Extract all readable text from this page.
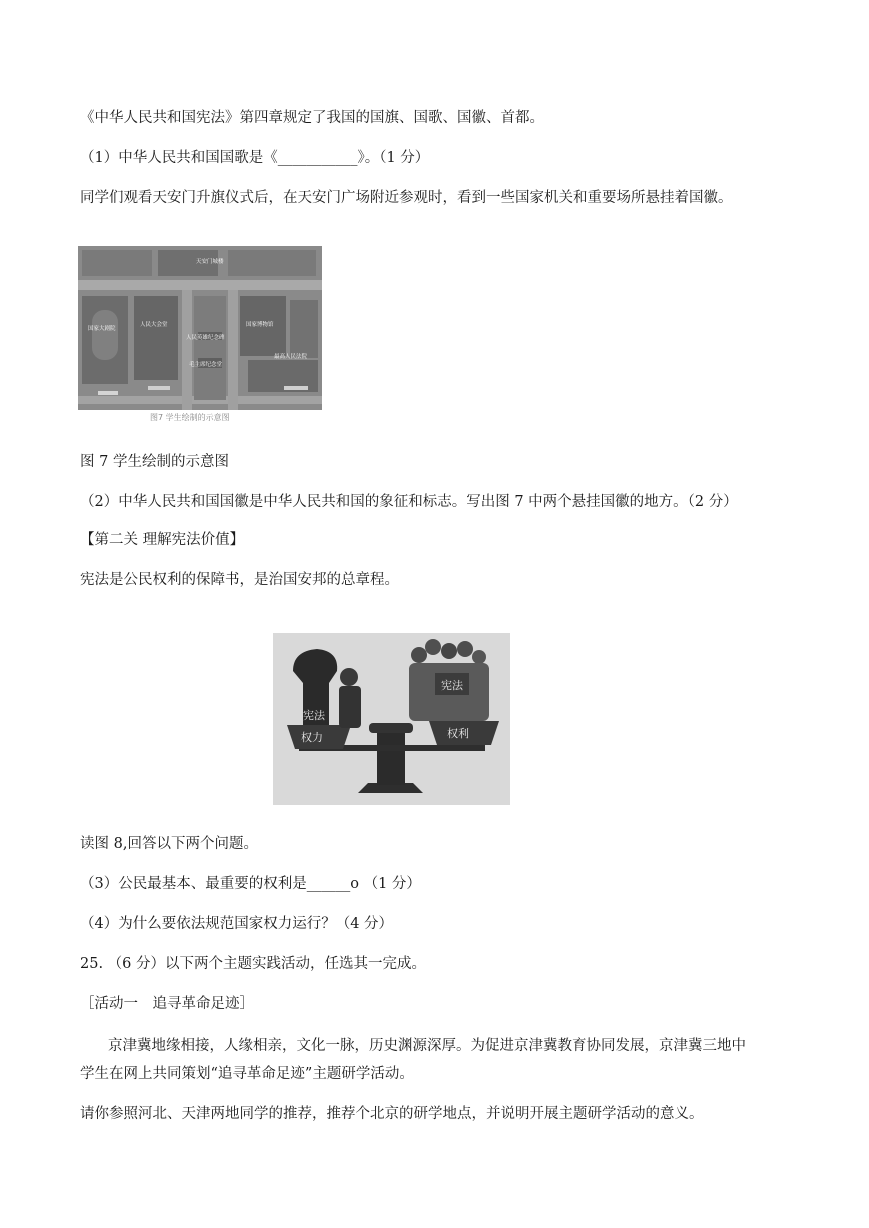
《中华人民共和国宪法》第四章规定了我国的国旗、国歌、国徽、首都。
（1）中华人民共和国国歌是《___________》。（1 分）
同学们观看天安门升旗仪式后，在天安门广场附近参观时，看到一些国家机关和重要场所悬挂着国徽。
天安门城楼
国家大剧院
人民大会堂
人民英雄纪念碑
毛主席纪念堂
国家博物馆
最高人民法院
图7 学生绘制的示意图
图 7 学生绘制的示意图
（2）中华人民共和国国徽是中华人民共和国的象征和标志。写出图 7 中两个悬挂国徽的地方。（2 分）
【第二关 理解宪法价值】
宪法是公民权利的保障书，是治国安邦的总章程。
宪法
权力
宪法
权利
读图 8,回答以下两个问题。
（3）公民最基本、最重要的权利是______o （1 分）
（4）为什么要依法规范国家权力运行？（4 分）
25. （6 分）以下两个主题实践活动，任选其一完成。
［活动一　追寻革命足迹］
京津冀地缘相接，人缘相亲，文化一脉，历史渊源深厚。为促进京津冀教育协同发展，京津冀三地中
学生在网上共同策划“追寻革命足迹”主题研学活动。
请你参照河北、天津两地同学的推荐，推荐个北京的研学地点，并说明开展主题研学活动的意义。
